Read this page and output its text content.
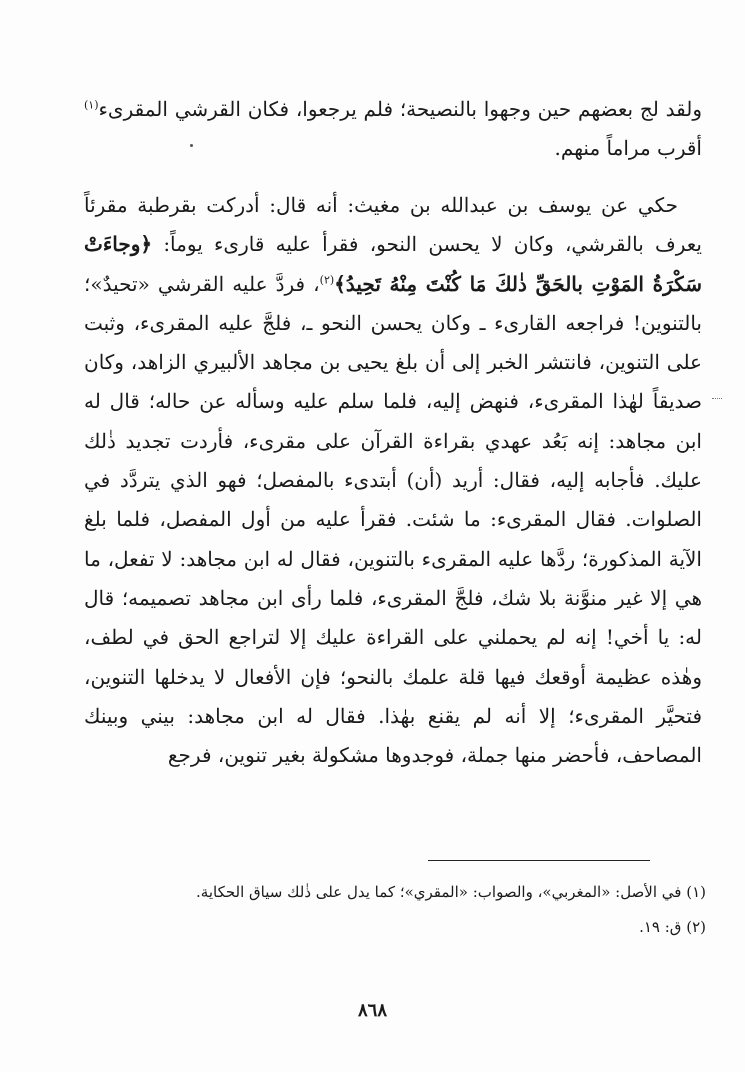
ولقد لج بعضهم حين وجهوا بالنصيحة؛ فلم يرجعوا، فكان القرشي المقرىء$^{(١)}$ أقرب مراماً منهم.

حكي عن يوسف بن عبدالله بن مغيث: أنه قال: أدركت بقرطبة مقرئاً يعرف بالقرشي، وكان لا يحسن النحو، فقرأ عليه قارىء يوماً: ﴿وجاءَتْ سَكْرَةُ المَوْتِ بالحَقِّ ذٰلكَ مَا كُنْتَ مِنْهُ تَحِيدُ﴾$^{(٢)}$، فردَّ عليه القرشي «تحيدٌ»؛ بالتنوين! فراجعه القارىء ـ وكان يحسن النحو ـ، فلجَّ عليه المقرىء، وثبت على التنوين، فانتشر الخبر إلى أن بلغ يحيى بن مجاهد الألبيري الزاهد، وكان صديقاً لهٰذا المقرىء، فنهض إليه، فلما سلم عليه وسأله عن حاله؛ قال له ابن مجاهد: إنه بَعُد عهدي بقراءة القرآن على مقرىء، فأردت تجديد ذٰلك عليك. فأجابه إليه، فقال: أريد (أن) أبتدىء بالمفصل؛ فهو الذي يتردَّد في الصلوات. فقال المقرىء: ما شئت. فقرأ عليه من أول المفصل، فلما بلغ الآية المذكورة؛ ردَّها عليه المقرىء بالتنوين، فقال له ابن مجاهد: لا تفعل، ما هي إلا غير منوَّنة بلا شك، فلجَّ المقرىء، فلما رأى ابن مجاهد تصميمه؛ قال له: يا أخي! إنه لم يحملني على القراءة عليك إلا لتراجع الحق في لطف، وهٰذه عظيمة أوقعك فيها قلة علمك بالنحو؛ فإن الأفعال لا يدخلها التنوين، فتحيَّر المقرىء؛ إلا أنه لم يقنع بهٰذا. فقال له ابن مجاهد: بيني وبينك المصاحف، فأحضر منها جملة، فوجدوها مشكولة بغير تنوين، فرجع

(١) في الأصل: «المغربي»، والصواب: «المقري»؛ كما يدل على ذٰلك سياق الحكاية.

(٢) ق: ١٩.

٨٦٨
